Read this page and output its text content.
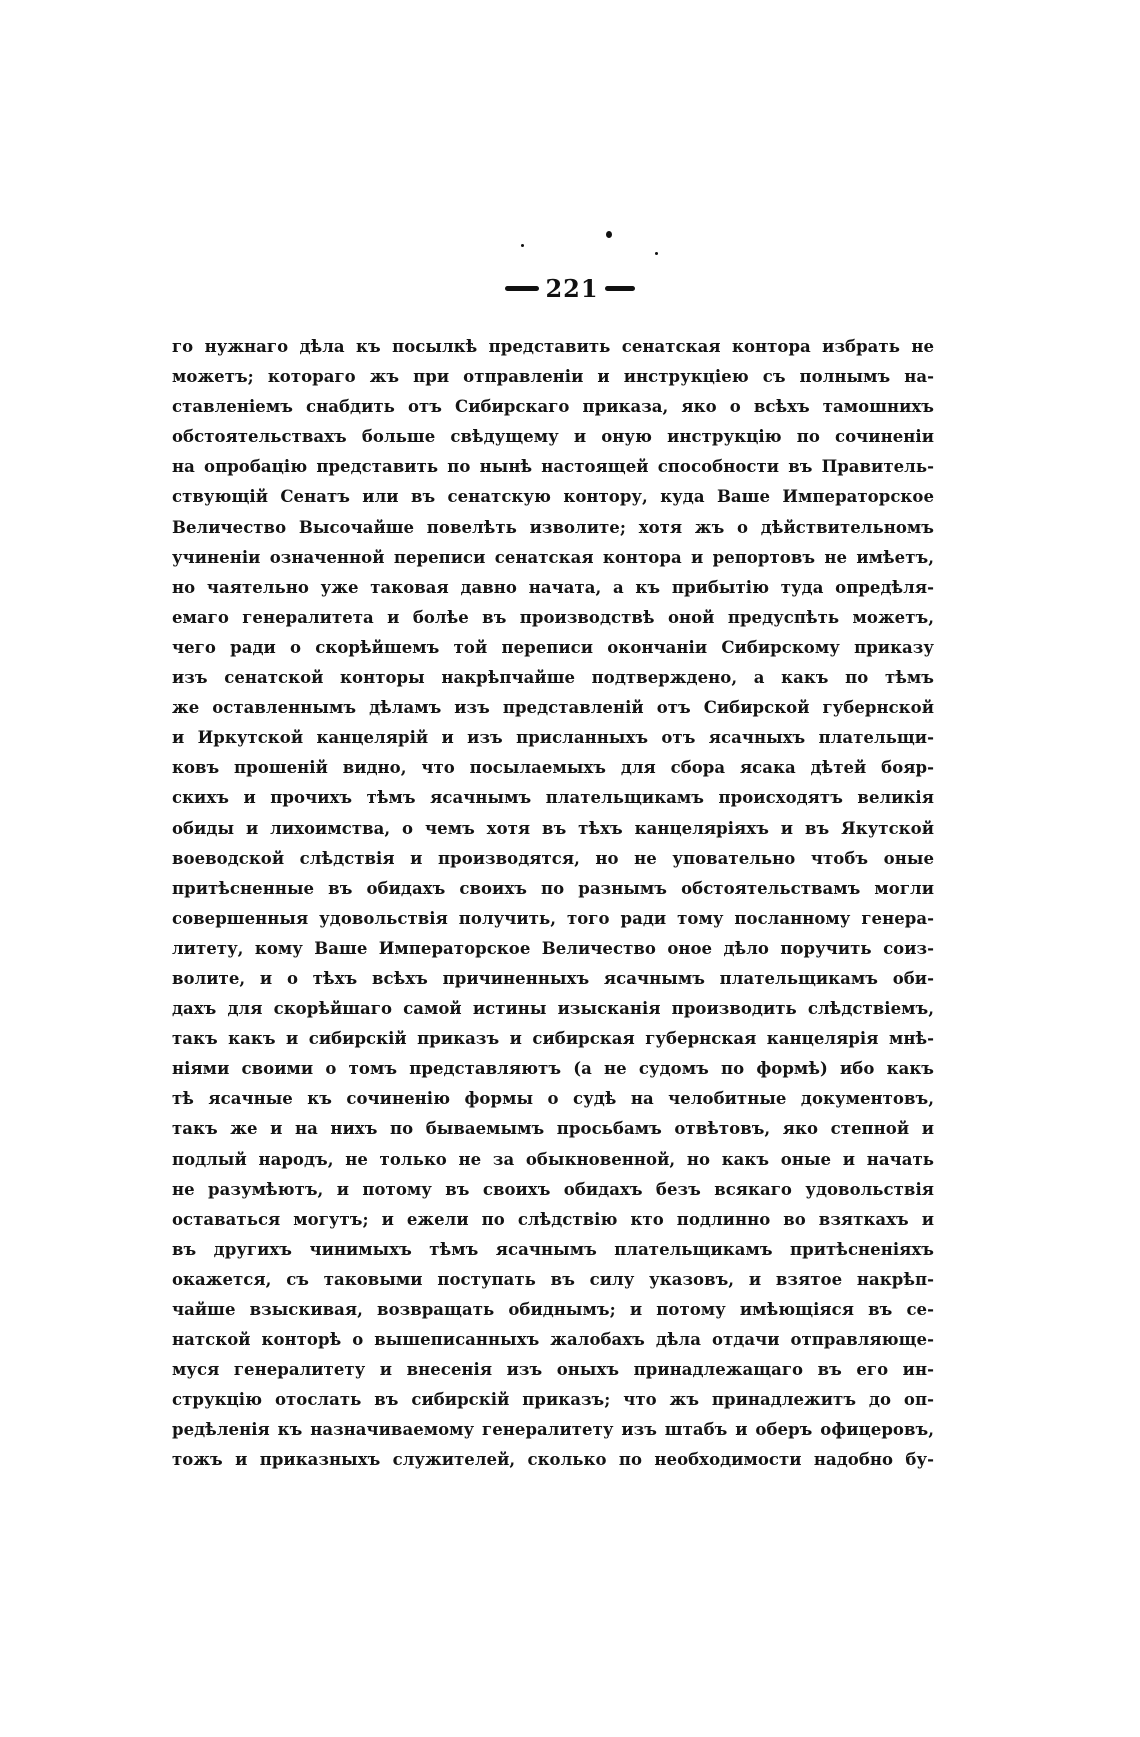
221
го нужнаго дѣла къ посылкѣ представить сенатская контора избрать не
можетъ; котораго жъ при отправленіи и инструкціею съ полнымъ на-
ставленіемъ снабдить отъ Сибирскаго приказа, яко о всѣхъ тамошнихъ
обстоятельствахъ больше свѣдущему и оную инструкцію по сочиненіи
на опробацію представить по нынѣ настоящей способности въ Правитель-
ствующій Сенатъ или въ сенатскую контору, куда Ваше Императорское
Величество Высочайше повелѣть изволите; хотя жъ о дѣйствительномъ
учиненіи означенной переписи сенатская контора и репортовъ не имѣетъ,
но чаятельно уже таковая давно начата, а къ прибытію туда опредѣля-
емаго генералитета и болѣе въ производствѣ оной предуспѣть можетъ,
чего ради о скорѣйшемъ той переписи окончаніи Сибирскому приказу
изъ сенатской конторы накрѣпчайше подтверждено, а какъ по тѣмъ
же оставленнымъ дѣламъ изъ представленій отъ Сибирской губернской
и Иркутской канцелярій и изъ присланныхъ отъ ясачныхъ плательщи-
ковъ прошеній видно, что посылаемыхъ для сбора ясака дѣтей бояр-
скихъ и прочихъ тѣмъ ясачнымъ плательщикамъ происходятъ великія
обиды и лихоимства, о чемъ хотя въ тѣхъ канцеляріяхъ и въ Якутской
воеводской слѣдствія и производятся, но не уповательно чтобъ оные
притѣсненные въ обидахъ своихъ по разнымъ обстоятельствамъ могли
совершенныя удовольствія получить, того ради тому посланному генера-
литету, кому Ваше Императорское Величество оное дѣло поручить соиз-
волите, и о тѣхъ всѣхъ причиненныхъ ясачнымъ плательщикамъ оби-
дахъ для скорѣйшаго самой истины изысканія производить слѣдствіемъ,
такъ какъ и сибирскій приказъ и сибирская губернская канцелярія мнѣ-
ніями своими о томъ представляютъ (а не судомъ по формѣ) ибо какъ
тѣ ясачные къ сочиненію формы о судѣ на челобитные документовъ,
такъ же и на нихъ по бываемымъ просьбамъ отвѣтовъ, яко степной и
подлый народъ, не только не за обыкновенной, но какъ оные и начать
не разумѣютъ, и потому въ своихъ обидахъ безъ всякаго удовольствія
оставаться могутъ; и ежели по слѣдствію кто подлинно во взяткахъ и
въ другихъ чинимыхъ тѣмъ ясачнымъ плательщикамъ притѣсненіяхъ
окажется, съ таковыми поступать въ силу указовъ, и взятое накрѣп-
чайше взыскивая, возвращать обиднымъ; и потому имѣющіяся въ се-
натской конторѣ о вышеписанныхъ жалобахъ дѣла отдачи отправляюще-
муся генералитету и внесенія изъ оныхъ принадлежащаго въ его ин-
струкцію отослать въ сибирскій приказъ; что жъ принадлежитъ до оп-
редѣленія къ назначиваемому генералитету изъ штабъ и оберъ офицеровъ,
тожъ и приказныхъ служителей, сколько по необходимости надобно бу-
